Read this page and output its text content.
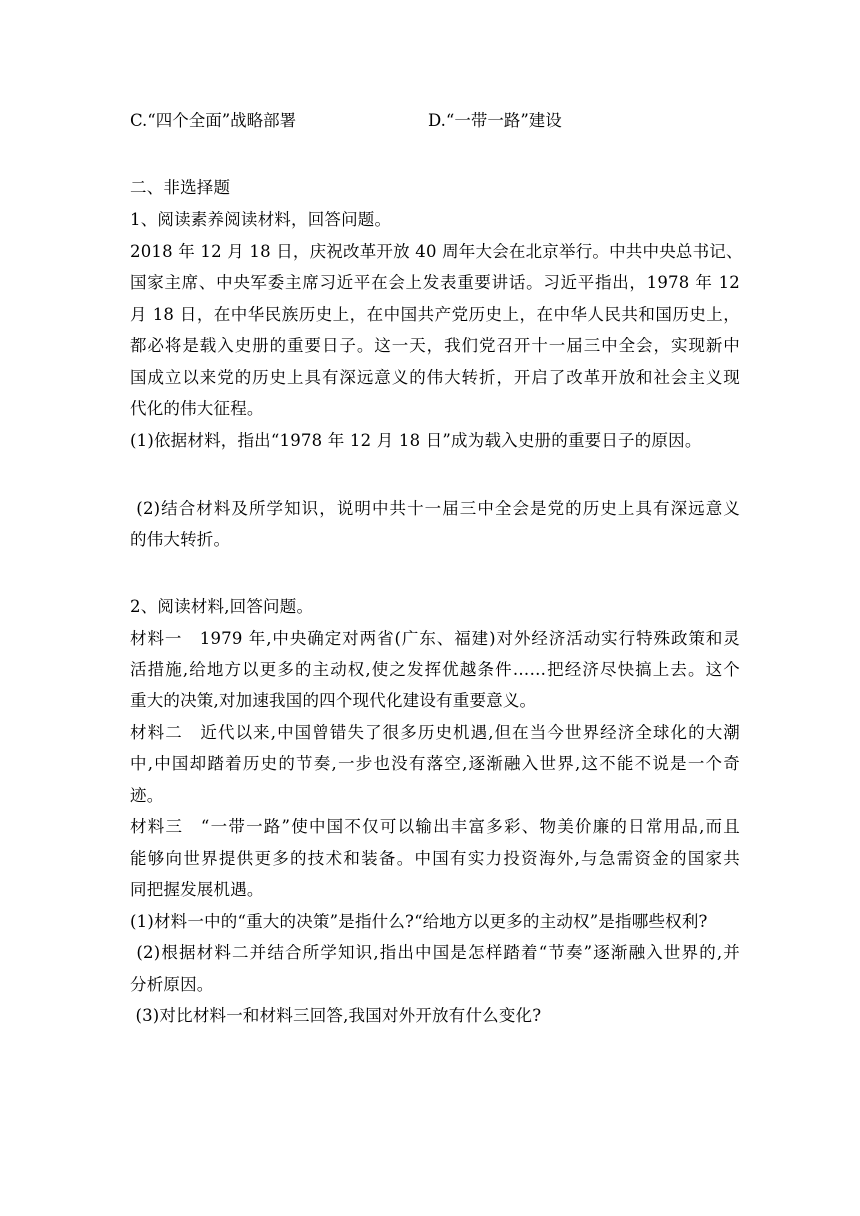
C.“四个全面”战略部署	D.“一带一路”建设
二、非选择题
1、阅读素养阅读材料，回答问题。
2018 年 12 月 18 日，庆祝改革开放 40 周年大会在北京举行。中共中央总书记、
国家主席、中央军委主席习近平在会上发表重要讲话。习近平指出，1978 年 12
月 18 日，在中华民族历史上，在中国共产党历史上，在中华人民共和国历史上，
都必将是载入史册的重要日子。这一天，我们党召开十一届三中全会，实现新中
国成立以来党的历史上具有深远意义的伟大转折，开启了改革开放和社会主义现
代化的伟大征程。
(1)依据材料，指出“1978 年 12 月 18 日”成为载入史册的重要日子的原因。
(2)结合材料及所学知识，说明中共十一届三中全会是党的历史上具有深远意义
的伟大转折。
2、阅读材料,回答问题。
材料一　1979 年,中央确定对两省(广东、福建)对外经济活动实行特殊政策和灵
活措施,给地方以更多的主动权,使之发挥优越条件……把经济尽快搞上去。这个
重大的决策,对加速我国的四个现代化建设有重要意义。
材料二　近代以来,中国曾错失了很多历史机遇,但在当今世界经济全球化的大潮
中,中国却踏着历史的节奏,一步也没有落空,逐渐融入世界,这不能不说是一个奇
迹。
材料三　“一带一路”使中国不仅可以输出丰富多彩、物美价廉的日常用品,而且
能够向世界提供更多的技术和装备。中国有实力投资海外,与急需资金的国家共
同把握发展机遇。
(1)材料一中的“重大的决策”是指什么?“给地方以更多的主动权”是指哪些权利?
(2)根据材料二并结合所学知识,指出中国是怎样踏着“节奏”逐渐融入世界的,并
分析原因。
(3)对比材料一和材料三回答,我国对外开放有什么变化?
